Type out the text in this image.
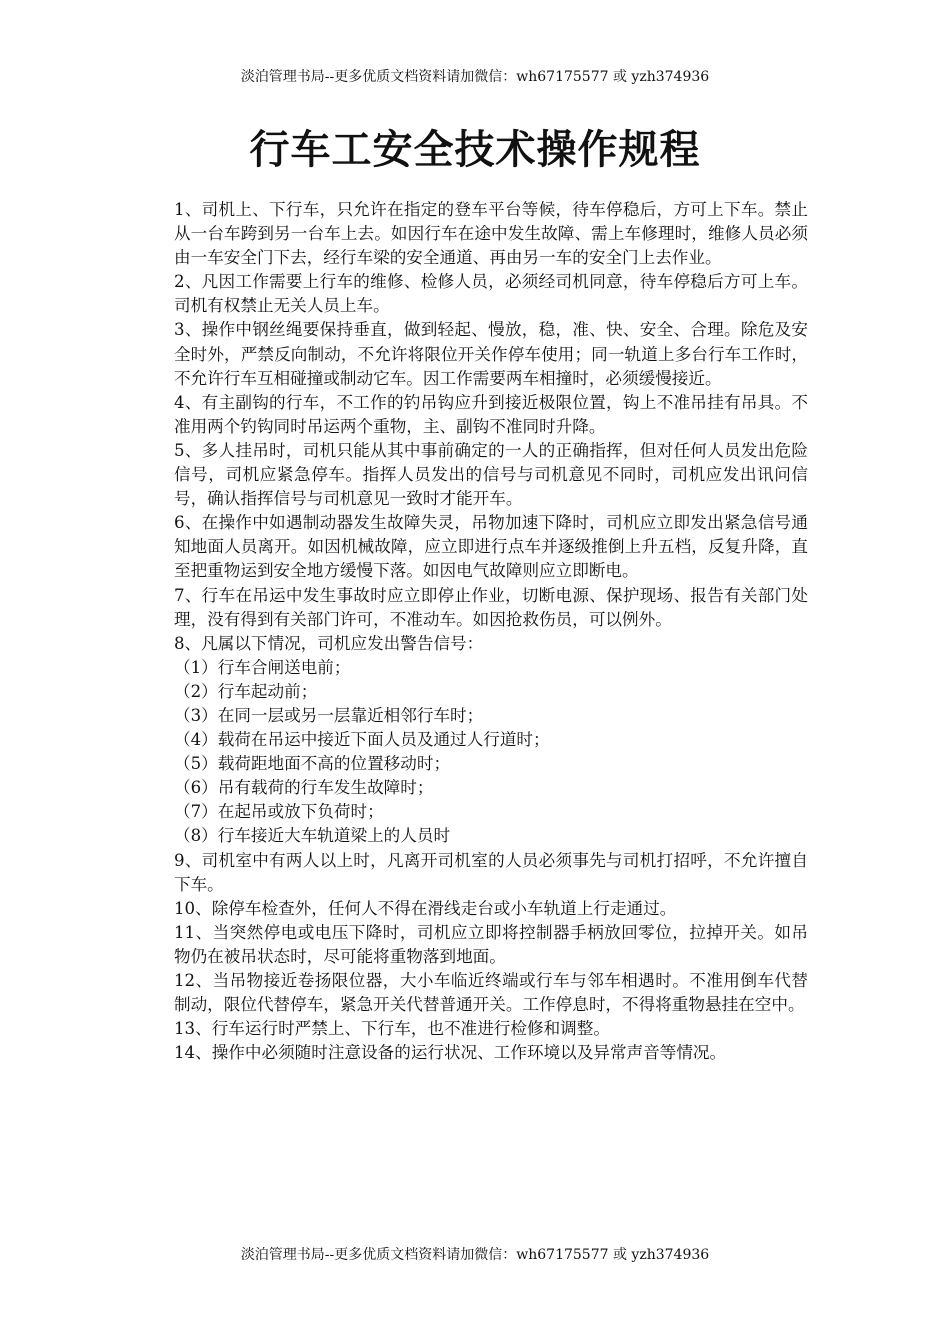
淡泊管理书局--更多优质文档资料请加微信：wh67175577 或 yzh374936
行车工安全技术操作规程

1、司机上、下行车，只允许在指定的登车平台等候，待车停稳后，方可上下车。禁止从一台车跨到另一台车上去。如因行车在途中发生故障、需上车修理时，维修人员必须由一车安全门下去，经行车梁的安全通道、再由另一车的安全门上去作业。

2、凡因工作需要上行车的维修、检修人员，必须经司机同意，待车停稳后方可上车。司机有权禁止无关人员上车。

3、操作中钢丝绳要保持垂直，做到轻起、慢放，稳，准、快、安全、合理。除危及安全时外，严禁反向制动，不允许将限位开关作停车使用；同一轨道上多台行车工作时，不允许行车互相碰撞或制动它车。因工作需要两车相撞时，必须缓慢接近。

4、有主副钩的行车，不工作的钓吊钩应升到接近极限位置，钩上不准吊挂有吊具。不准用两个钓钩同时吊运两个重物，主、副钩不准同时升降。

5、多人挂吊时，司机只能从其中事前确定的一人的正确指挥，但对任何人员发出危险信号，司机应紧急停车。指挥人员发出的信号与司机意见不同时，司机应发出讯问信号，确认指挥信号与司机意见一致时才能开车。

6、在操作中如遇制动器发生故障失灵，吊物加速下降时，司机应立即发出紧急信号通知地面人员离开。如因机械故障，应立即进行点车并逐级推倒上升五档，反复升降，直至把重物运到安全地方缓慢下落。如因电气故障则应立即断电。

7、行车在吊运中发生事故时应立即停止作业，切断电源、保护现场、报告有关部门处理，没有得到有关部门许可，不准动车。如因抢救伤员，可以例外。

8、凡属以下情况，司机应发出警告信号：

（1）行车合闸送电前；

（2）行车起动前；

（3）在同一层或另一层靠近相邻行车时；

（4）载荷在吊运中接近下面人员及通过人行道时；

（5）载荷距地面不高的位置移动时；

（6）吊有载荷的行车发生故障时；

（7）在起吊或放下负荷时；

（8）行车接近大车轨道梁上的人员时

9、司机室中有两人以上时，凡离开司机室的人员必须事先与司机打招呼，不允许擅自下车。

10、除停车检查外，任何人不得在滑线走台或小车轨道上行走通过。

11、当突然停电或电压下降时，司机应立即将控制器手柄放回零位，拉掉开关。如吊物仍在被吊状态时，尽可能将重物落到地面。

12、当吊物接近卷扬限位器，大小车临近终端或行车与邻车相遇时。不准用倒车代替制动，限位代替停车，紧急开关代替普通开关。工作停息时，不得将重物悬挂在空中。

13、行车运行时严禁上、下行车，也不准进行检修和调整。

14、操作中必须随时注意设备的运行状况、工作环境以及异常声音等情况。

淡泊管理书局--更多优质文档资料请加微信：wh67175577 或 yzh374936
